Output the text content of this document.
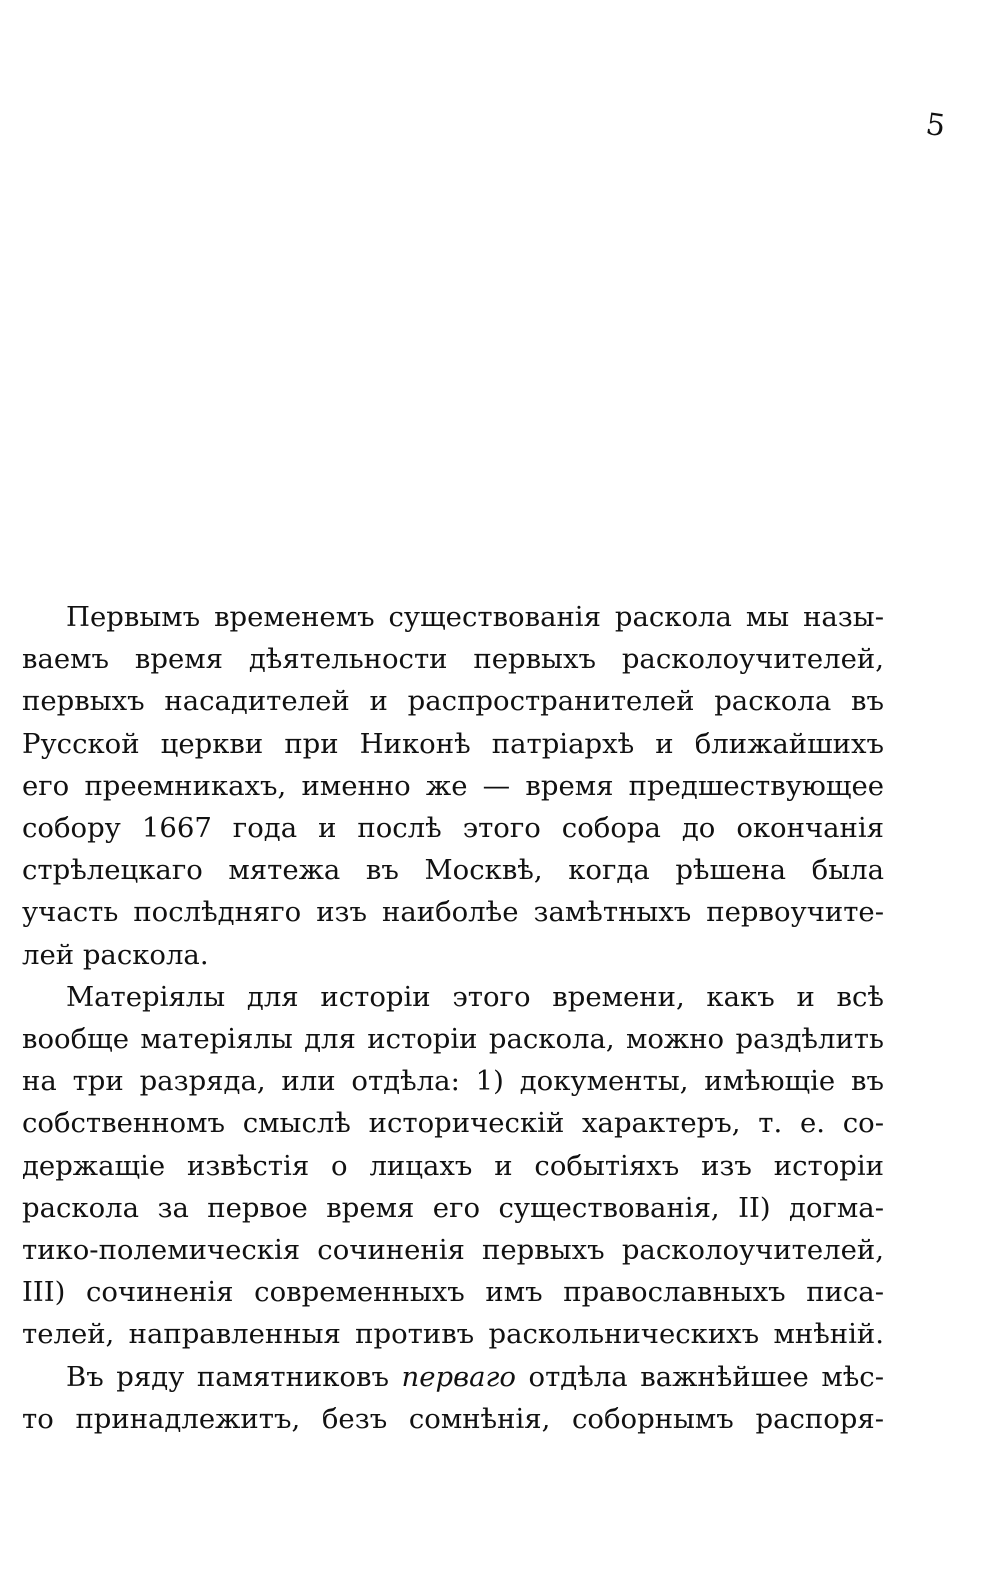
5

Первымъ временемъ существованія раскола мы назы-
ваемъ время дѣятельности первыхъ расколоучителей,
первыхъ насадителей и распространителей раскола въ
Русской церкви при Никонѣ патріархѣ и ближайшихъ
его преемникахъ, именно же — время предшествующее
собору 1667 года и послѣ этого собора до окончанія
стрѣлецкаго мятежа въ Москвѣ, когда рѣшена была
участь послѣдняго изъ наиболѣе замѣтныхъ первоучите-
лей раскола.

Матеріялы для исторіи этого времени, какъ и всѣ
вообще матеріялы для исторіи раскола, можно раздѣлить
на три разряда, или отдѣла: 1) документы, имѣющіе въ
собственномъ смыслѣ историческій характеръ, т. е. со-
держащіе извѣстія о лицахъ и событіяхъ изъ исторіи
раскола за первое время его существованія, II) догма-
тико-полемическія сочиненія первыхъ расколоучителей,
III) сочиненія современныхъ имъ православныхъ писа-
телей, направленныя противъ раскольническихъ мнѣній.

Въ ряду памятниковъ перваго отдѣла важнѣйшее мѣс-
то принадлежитъ, безъ сомнѣнія, соборнымъ распоря-
